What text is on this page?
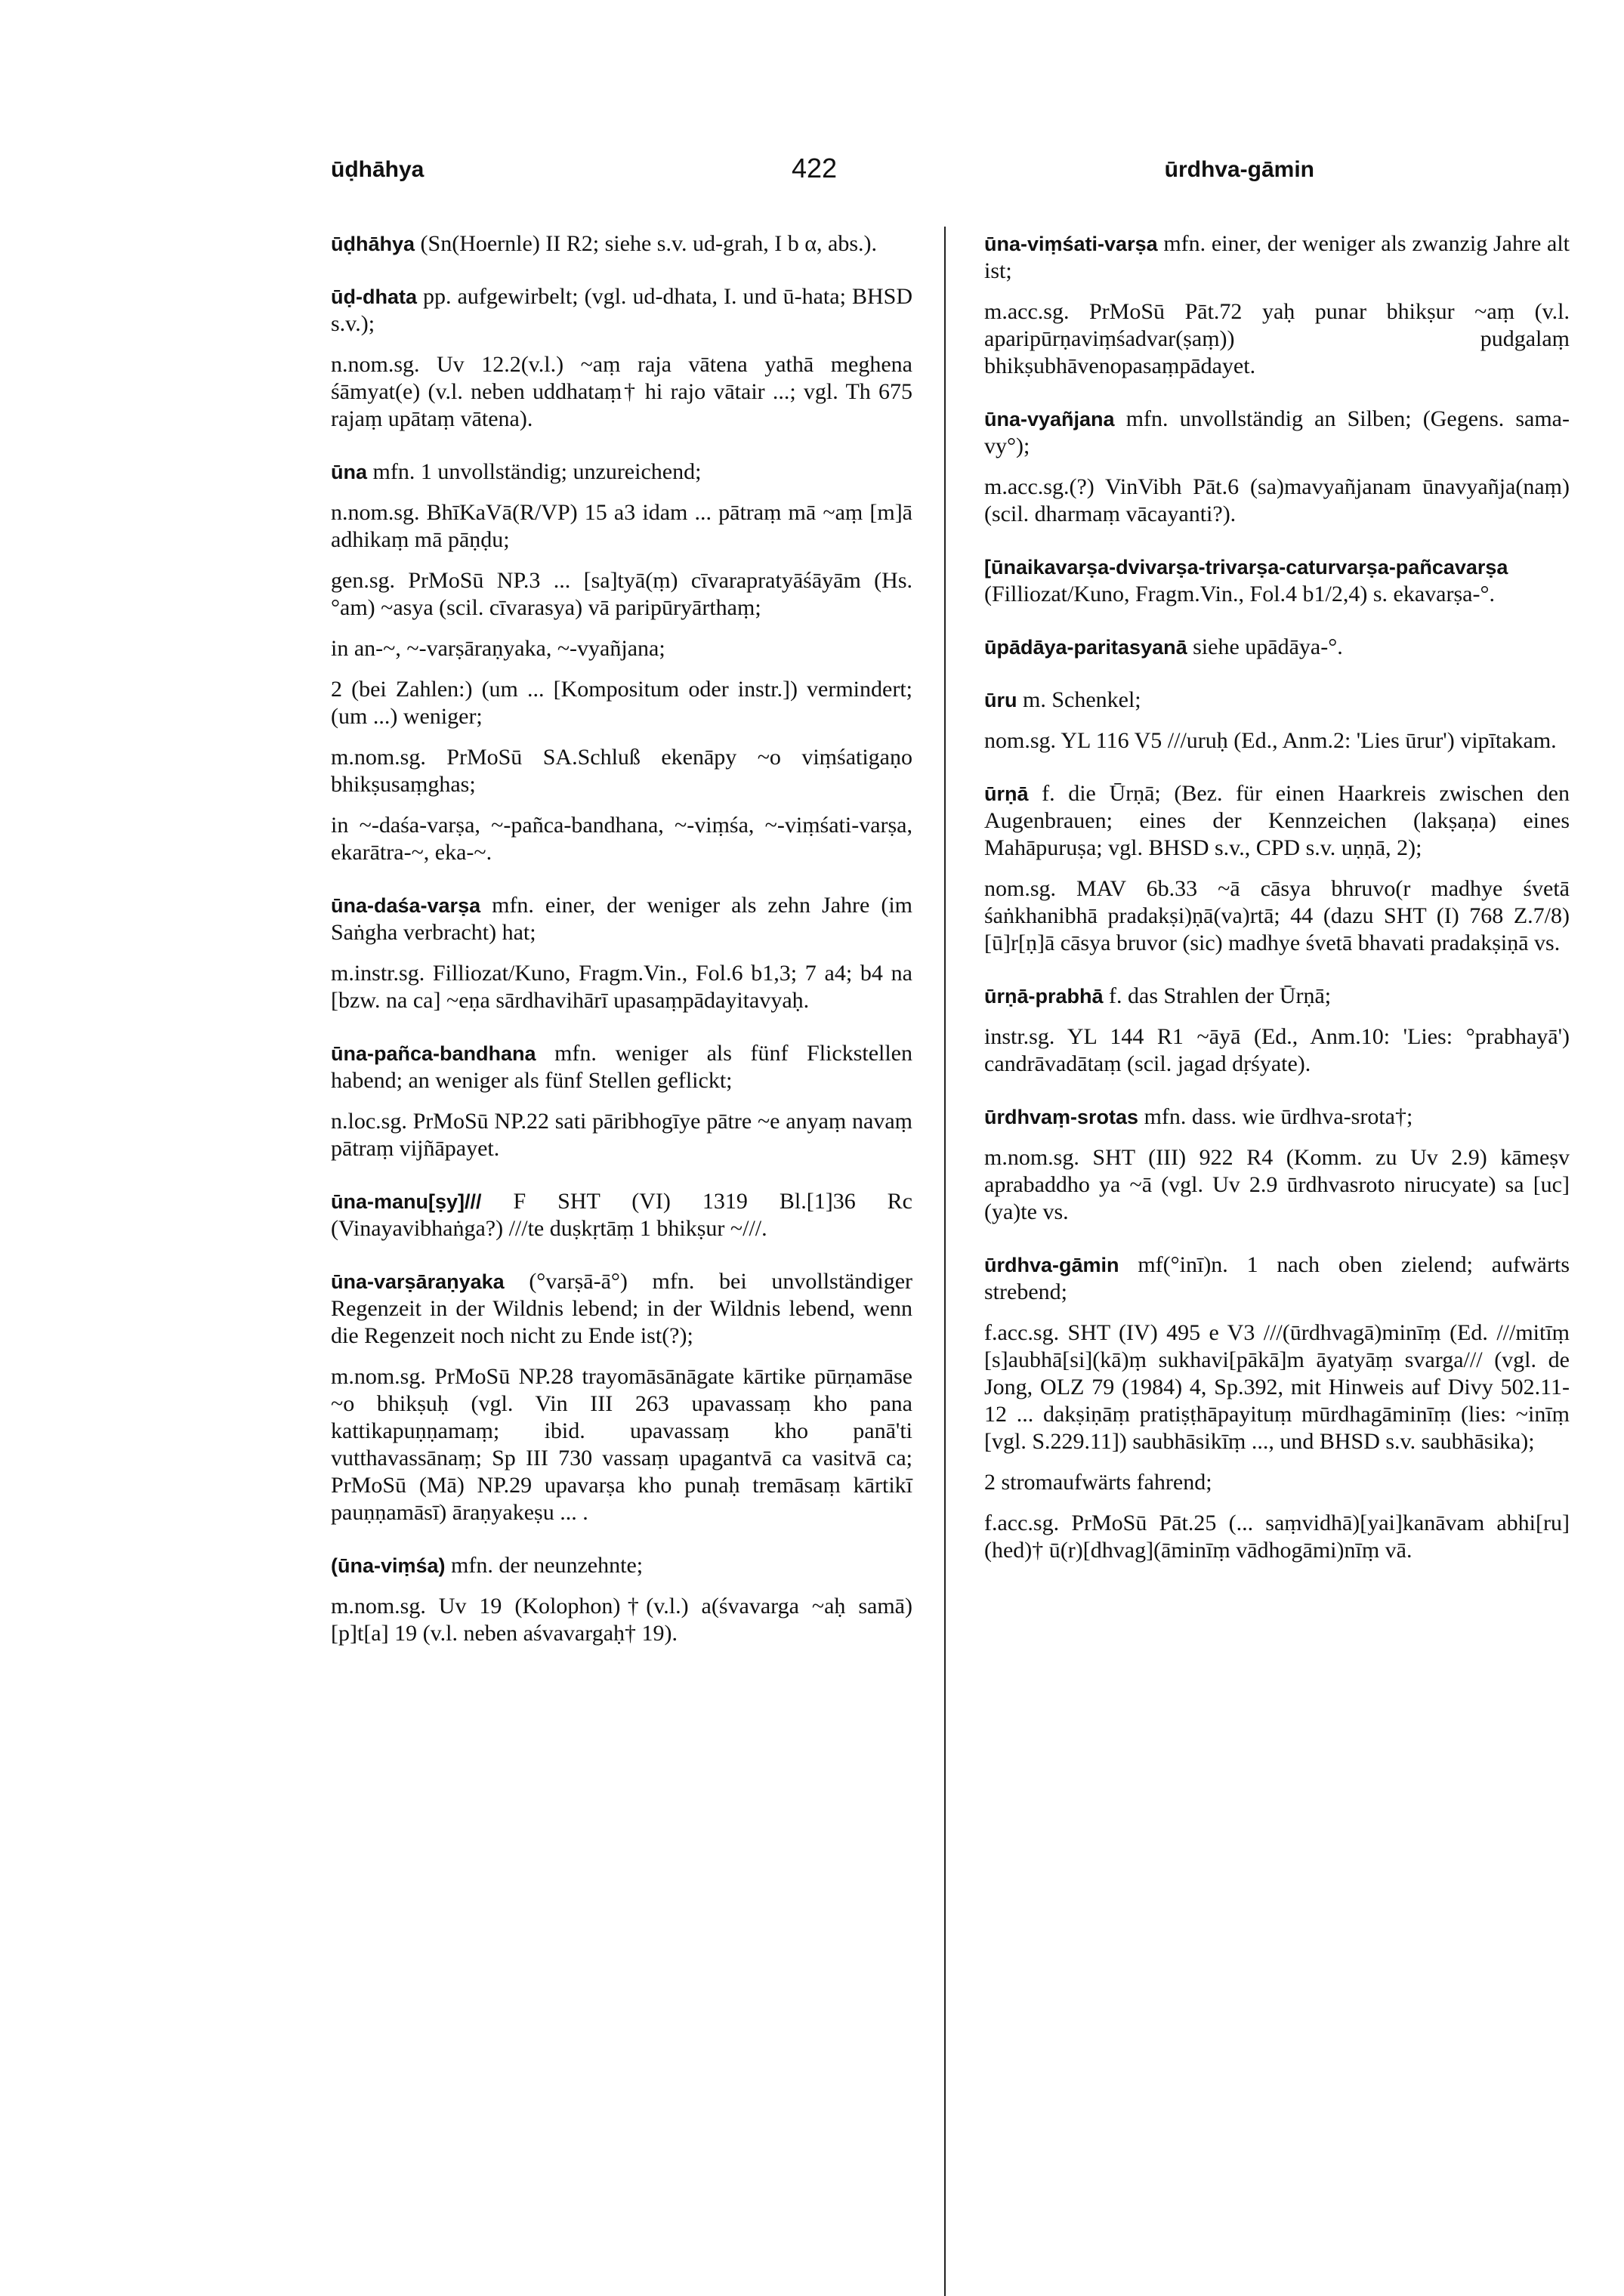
ūḍhāhya	422	ūrdhva-gāmin

ūḍhāhya (Sn(Hoernle) II R2; siehe s.v. ud-grah, I b α, abs.).

ūḍ-dhata pp. aufgewirbelt; (vgl. ud-dhata, I. und ū-hata; BHSD s.v.);

n.nom.sg. Uv 12.2(v.l.) ~aṃ raja vātena yathā meghena śāmyat(e) (v.l. neben uddhataṃ† hi rajo vātair ...; vgl. Th 675 rajaṃ upātaṃ vātena).

ūna mfn. 1 unvollständig; unzureichend;

n.nom.sg. BhīKaVā(R/VP) 15 a3 idam ... pātraṃ mā ~aṃ [m]ā adhikaṃ mā pāṇḍu;

gen.sg. PrMoSū NP.3 ... [sa]tyā(ṃ) cīvarapratyāśāyām (Hs. °am) ~asya (scil. cīvarasya) vā paripūryārthaṃ;

in an-~, ~-varṣāraṇyaka, ~-vyañjana;

2 (bei Zahlen:) (um ... [Kompositum oder instr.]) vermindert; (um ...) weniger;

m.nom.sg. PrMoSū SA.Schluß ekenāpy ~o viṃśatigaṇo bhikṣusaṃghas;

in ~-daśa-varṣa, ~-pañca-bandhana, ~-viṃśa, ~-viṃśati-varṣa, ekarātra-~, eka-~.

ūna-daśa-varṣa mfn. einer, der weniger als zehn Jahre (im Saṅgha verbracht) hat;

m.instr.sg. Filliozat/Kuno, Fragm.Vin., Fol.6 b1,3; 7 a4; b4 na [bzw. na ca] ~eṇa sārdhavihārī upasaṃpādayitavyaḥ.

ūna-pañca-bandhana mfn. weniger als fünf Flickstellen habend; an weniger als fünf Stellen geflickt;

n.loc.sg. PrMoSū NP.22 sati pāribhogīye pātre ~e anyaṃ navaṃ pātraṃ vijñāpayet.

ūna-manu[ṣy]/// F SHT (VI) 1319 Bl.[1]36 Rc (Vinayavibhaṅga?) ///te duṣkṛtāṃ 1 bhikṣur ~///.

ūna-varṣāraṇyaka (°varṣā-ā°) mfn. bei unvollständiger Regenzeit in der Wildnis lebend; in der Wildnis lebend, wenn die Regenzeit noch nicht zu Ende ist(?);

m.nom.sg. PrMoSū NP.28 trayomāsānāgate kārtike pūrṇamāse ~o bhikṣuḥ (vgl. Vin III 263 upavassaṃ kho pana kattikapuṇṇamaṃ; ibid. upavassaṃ kho panā'ti vutthavassānaṃ; Sp III 730 vassaṃ upagantvā ca vasitvā ca; PrMoSū (Mā) NP.29 upavarṣa kho punaḥ tremāsaṃ kārtikī pauṇṇamāsī) āraṇyakeṣu ... .

(ūna-viṃśa) mfn. der neunzehnte;

m.nom.sg. Uv 19 (Kolophon)†(v.l.) a(śvavarga ~aḥ samā)[p]t[a] 19 (v.l. neben aśvavargaḥ† 19).

ūna-viṃśati-varṣa mfn. einer, der weniger als zwanzig Jahre alt ist;

m.acc.sg. PrMoSū Pāt.72 yaḥ punar bhikṣur ~aṃ (v.l. aparipūrṇaviṃśadvar(ṣaṃ)) pudgalaṃ bhikṣubhāvenopasaṃpādayet.

ūna-vyañjana mfn. unvollständig an Silben; (Gegens. sama-vy°);

m.acc.sg.(?) VinVibh Pāt.6 (sa)mavyañjanam ūnavyañja(naṃ) (scil. dharmaṃ vācayanti?).

[ūnaikavarṣa-dvivarṣa-trivarṣa-caturvarṣa-pañcavarṣa (Filliozat/Kuno, Fragm.Vin., Fol.4 b1/2,4) s. ekavarṣa-°.

ūpādāya-paritasyanā siehe upādāya-°.

ūru m. Schenkel;

nom.sg. YL 116 V5 ///uruḥ (Ed., Anm.2: 'Lies ūrur') vipītakam.

ūrṇā f. die Ūrṇā; (Bez. für einen Haarkreis zwischen den Augenbrauen; eines der Kennzeichen (lakṣaṇa) eines Mahāpuruṣa; vgl. BHSD s.v., CPD s.v. uṇṇā, 2);

nom.sg. MAV 6b.33 ~ā cāsya bhruvo(r madhye śvetā śaṅkhanibhā pradakṣi)ṇā(va)rtā; 44 (dazu SHT (I) 768 Z.7/8) [ū]r[ṇ]ā cāsya bruvor (sic) madhye śvetā bhavati pradakṣiṇā vs.

ūrṇā-prabhā f. das Strahlen der Ūrṇā;

instr.sg. YL 144 R1 ~āyā (Ed., Anm.10: 'Lies: °prabhayā') candrāvadātaṃ (scil. jagad dṛśyate).

ūrdhvaṃ-srotas mfn. dass. wie ūrdhva-srota†;

m.nom.sg. SHT (III) 922 R4 (Komm. zu Uv 2.9) kāmeṣv aprabaddho ya ~ā (vgl. Uv 2.9 ūrdhvasroto nirucyate) sa [uc](ya)te vs.

ūrdhva-gāmin mf(°inī)n. 1 nach oben zielend; aufwärts strebend;

f.acc.sg. SHT (IV) 495 e V3 ///(ūrdhvagā)minīṃ (Ed. ///mitīṃ [s]aubhā[si](kā)ṃ sukhavi[pākā]m āyatyāṃ svarga/// (vgl. de Jong, OLZ 79 (1984) 4, Sp.392, mit Hinweis auf Divy 502.11-12 ... dakṣiṇāṃ pratiṣṭhāpayituṃ mūrdhagāminīṃ (lies: ~inīṃ [vgl. S.229.11]) saubhāsikīṃ ..., und BHSD s.v. saubhāsika);

2 stromaufwärts fahrend;

f.acc.sg. PrMoSū Pāt.25 (... saṃvidhā)[yai]kanāvam abhi[ru](hed)† ū(r)[dhvag](āminīṃ vādhogāmi)nīṃ vā.
